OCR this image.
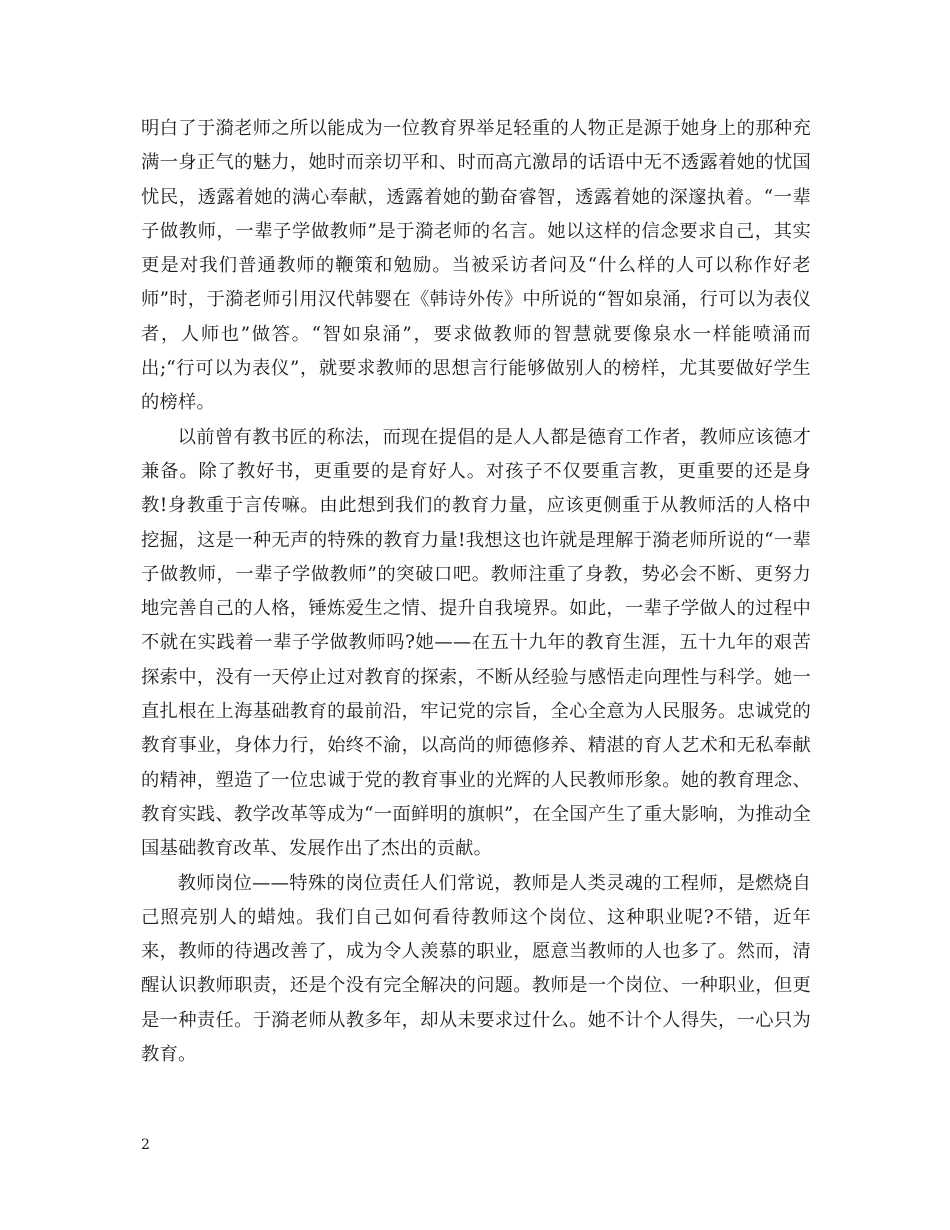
明白了于漪老师之所以能成为一位教育界举足轻重的人物正是源于她身上的那种充满一身正气的魅力，她时而亲切平和、时而高亢激昂的话语中无不透露着她的忧国忧民，透露着她的满心奉献，透露着她的勤奋睿智，透露着她的深邃执着。“一辈子做教师，一辈子学做教师”是于漪老师的名言。她以这样的信念要求自己，其实更是对我们普通教师的鞭策和勉励。当被采访者问及“什么样的人可以称作好老师”时，于漪老师引用汉代韩婴在《韩诗外传》中所说的“智如泉涌，行可以为表仪者，人师也”做答。“智如泉涌”，要求做教师的智慧就要像泉水一样能喷涌而出;“行可以为表仪”，就要求教师的思想言行能够做别人的榜样，尤其要做好学生的榜样。

以前曾有教书匠的称法，而现在提倡的是人人都是德育工作者，教师应该德才兼备。除了教好书，更重要的是育好人。对孩子不仅要重言教，更重要的还是身教!身教重于言传嘛。由此想到我们的教育力量，应该更侧重于从教师活的人格中挖掘，这是一种无声的特殊的教育力量!我想这也许就是理解于漪老师所说的“一辈子做教师，一辈子学做教师”的突破口吧。教师注重了身教，势必会不断、更努力地完善自己的人格，锤炼爱生之情、提升自我境界。如此，一辈子学做人的过程中不就在实践着一辈子学做教师吗?她——在五十九年的教育生涯，五十九年的艰苦探索中，没有一天停止过对教育的探索，不断从经验与感悟走向理性与科学。她一直扎根在上海基础教育的最前沿，牢记党的宗旨，全心全意为人民服务。忠诚党的教育事业，身体力行，始终不渝，以高尚的师德修养、精湛的育人艺术和无私奉献的精神，塑造了一位忠诚于党的教育事业的光辉的人民教师形象。她的教育理念、教育实践、教学改革等成为“一面鲜明的旗帜”，在全国产生了重大影响，为推动全国基础教育改革、发展作出了杰出的贡献。

教师岗位——特殊的岗位责任人们常说，教师是人类灵魂的工程师，是燃烧自己照亮别人的蜡烛。我们自己如何看待教师这个岗位、这种职业呢?不错，近年来，教师的待遇改善了，成为令人羡慕的职业，愿意当教师的人也多了。然而，清醒认识教师职责，还是个没有完全解决的问题。教师是一个岗位、一种职业，但更是一种责任。于漪老师从教多年，却从未要求过什么。她不计个人得失，一心只为教育。

2
